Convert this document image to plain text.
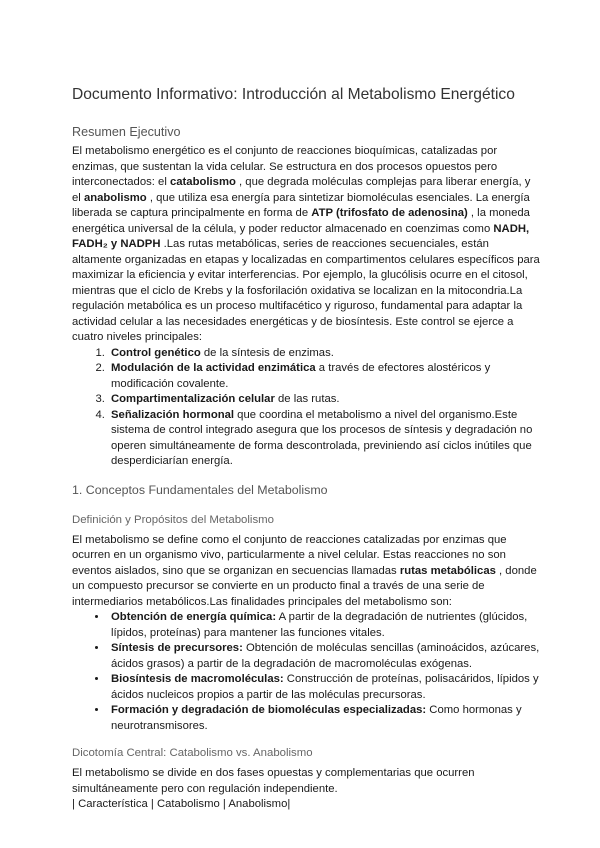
Documento Informativo: Introducción al Metabolismo Energético
Resumen Ejecutivo

El metabolismo energético es el conjunto de reacciones bioquímicas, catalizadas por enzimas, que sustentan la vida celular. Se estructura en dos procesos opuestos pero interconectados: el catabolismo , que degrada moléculas complejas para liberar energía, y el anabolismo , que utiliza esa energía para sintetizar biomoléculas esenciales. La energía liberada se captura principalmente en forma de ATP (trifosfato de adenosina) , la moneda energética universal de la célula, y poder reductor almacenado en coenzimas como NADH, FADH₂ y NADPH .Las rutas metabólicas, series de reacciones secuenciales, están altamente organizadas en etapas y localizadas en compartimentos celulares específicos para maximizar la eficiencia y evitar interferencias. Por ejemplo, la glucólisis ocurre en el citosol, mientras que el ciclo de Krebs y la fosforilación oxidativa se localizan en la mitocondria.La regulación metabólica es un proceso multifacético y riguroso, fundamental para adaptar la actividad celular a las necesidades energéticas y de biosíntesis. Este control se ejerce a cuatro niveles principales:

1. Control genético de la síntesis de enzimas.
2. Modulación de la actividad enzimática a través de efectores alostéricos y modificación covalente.
3. Compartimentalización celular de las rutas.
4. Señalización hormonal que coordina el metabolismo a nivel del organismo.Este sistema de control integrado asegura que los procesos de síntesis y degradación no operen simultáneamente de forma descontrolada, previniendo así ciclos inútiles que desperdiciarían energía.
1. Conceptos Fundamentales del Metabolismo
Definición y Propósitos del Metabolismo

El metabolismo se define como el conjunto de reacciones catalizadas por enzimas que ocurren en un organismo vivo, particularmente a nivel celular. Estas reacciones no son eventos aislados, sino que se organizan en secuencias llamadas rutas metabólicas , donde un compuesto precursor se convierte en un producto final a través de una serie de intermediarios metabólicos.Las finalidades principales del metabolismo son:

• Obtención de energía química: A partir de la degradación de nutrientes (glúcidos, lípidos, proteínas) para mantener las funciones vitales.
• Síntesis de precursores: Obtención de moléculas sencillas (aminoácidos, azúcares, ácidos grasos) a partir de la degradación de macromoléculas exógenas.
• Biosíntesis de macromoléculas: Construcción de proteínas, polisacáridos, lípidos y ácidos nucleicos propios a partir de las moléculas precursoras.
• Formación y degradación de biomoléculas especializadas: Como hormonas y neurotransmisores.
Dicotomía Central: Catabolismo vs. Anabolismo

El metabolismo se divide en dos fases opuestas y complementarias que ocurren simultáneamente pero con regulación independiente.

| Característica | Catabolismo | Anabolismo|
